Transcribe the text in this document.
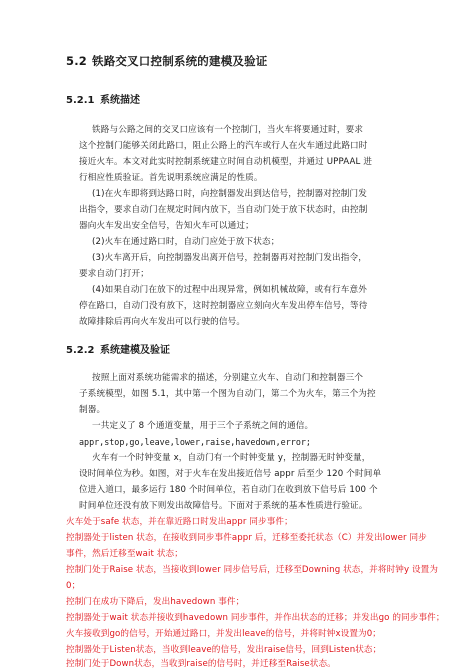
5.2 铁路交叉口控制系统的建模及验证
5.2.1 系统描述
铁路与公路之间的交叉口应该有一个控制门，当火车将要通过时，要求
这个控制门能够关闭此路口，阻止公路上的汽车或行人在火车通过此路口时
接近火车。本文对此实时控制系统建立时间自动机模型，并通过 UPPAAL 进
行相应性质验证。首先说明系统应满足的性质。
(1)在火车即将到达路口时，向控制器发出到达信号，控制器对控制门发
出指令，要求自动门在规定时间内放下，当自动门处于放下状态时，由控制
器向火车发出安全信号，告知火车可以通过；
(2)火车在通过路口时，自动门应处于放下状态；
(3)火车离开后，向控制器发出离开信号，控制器再对控制门发出指令，
要求自动门打开；
(4)如果自动门在放下的过程中出现异常，例如机械故障，或有行车意外
停在路口，自动门没有放下，这时控制器应立刻向火车发出停车信号，等待
故障排除后再向火车发出可以行驶的信号。
5.2.2 系统建模及验证
按照上面对系统功能需求的描述，分别建立火车、自动门和控制器三个
子系统模型，如图 5.1，其中第一个图为自动门，第二个为火车，第三个为控
制器。
一共定义了 8 个通道变量，用于三个子系统之间的通信。
appr,stop,go,leave,lower,raise,havedown,error;
火车有一个时钟变量 x，自动门有一个时钟变量 y，控制器无时钟变量，
设时间单位为秒。如图，对于火车在发出接近信号 appr 后至少 120 个时间单
位进入道口，最多运行 180 个时间单位，若自动门在收到放下信号后 100 个
时间单位还没有放下则发出故障信号。下面对于系统的基本性质进行验证。
火车处于safe 状态，并在靠近路口时发出appr 同步事件；
控制器处于listen 状态，在接收到同步事件appr 后，迁移至委托状态（C）并发出lower 同步
事件，然后迁移至wait 状态；
控制门处于Raise 状态，当接收到lower 同步信号后，迁移至Downing 状态，并将时钟y 设置为
0；
控制门在成功下降后，发出havedown 事件；
控制器处于wait 状态并接收到havedown 同步事件，并作出状态的迁移；并发出go 的同步事件；
火车接收到go的信号，开始通过路口，并发出leave的信号，并将时钟x设置为0；
控制器处于Listen状态，当收到leave的信号，发出raise信号，回到Listen状态；
控制门处于Down状态，当收到raise的信号时，并迁移至Raise状态。
